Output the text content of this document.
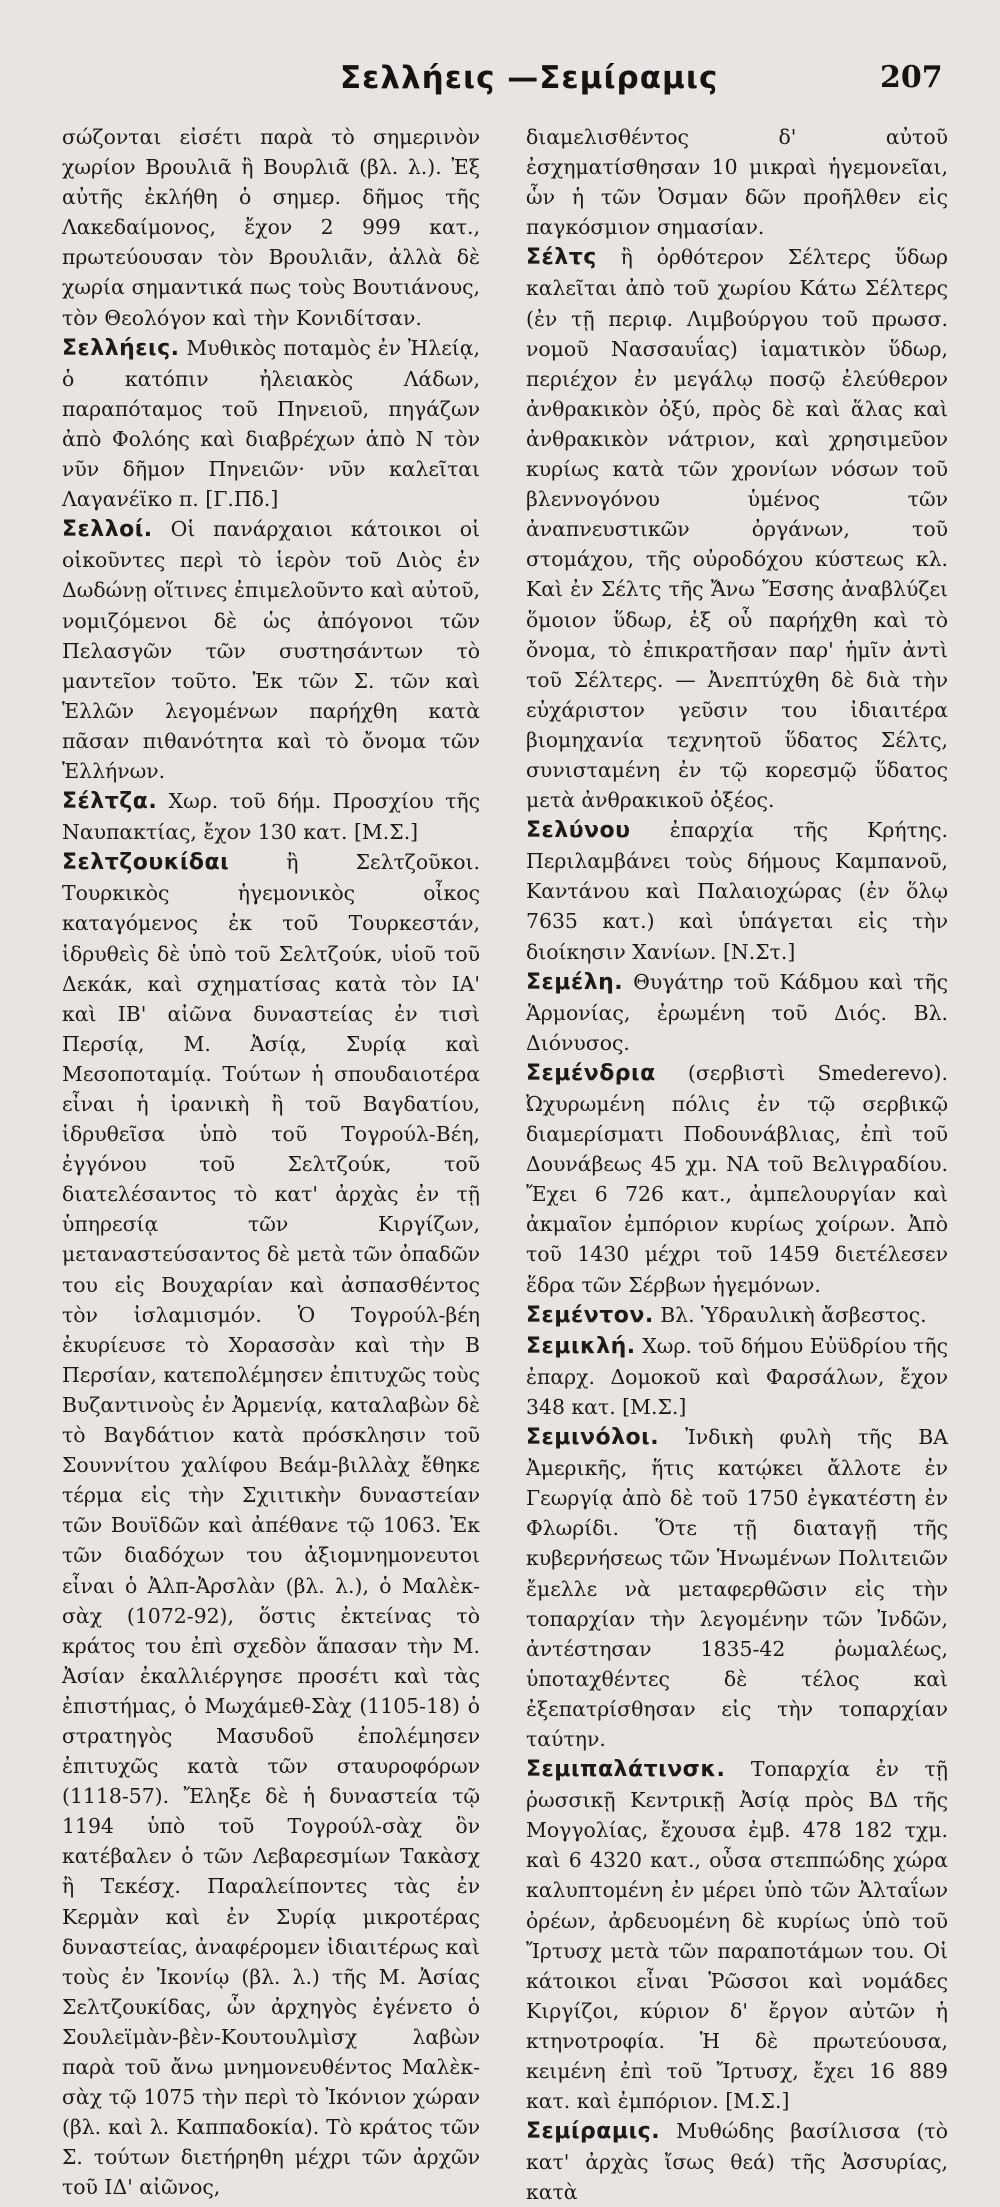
Σελλήεις —Σεμίραμις	207

σώζονται εἰσέτι παρὰ τὸ σημερινὸν χωρίον Βρουλιᾶ ἢ Βουρλιᾶ (βλ. λ.). Ἐξ αὐτῆς ἐκλήθη ὁ σημερ. δῆμος τῆς Λακεδαίμονος, ἔχον 2 999 κατ., πρωτεύουσαν τὸν Βρουλιᾶν, ἀλλὰ δὲ χωρία σημαντικά πως τοὺς Βουτιάνους, τὸν Θεολόγον καὶ τὴν Κονιδίτσαν.

Σελλήεις. Μυθικὸς ποταμὸς ἐν Ἠλείᾳ, ὁ κατόπιν ἠλειακὸς Λάδων, παραπόταμος τοῦ Πηνειοῦ, πηγάζων ἀπὸ Φολόης καὶ διαβρέχων ἀπὸ Ν τὸν νῦν δῆμον Πηνειῶν· νῦν καλεῖται Λαγανέϊκο π. [Γ.Πδ.]

Σελλοί. Οἱ πανάρχαιοι κάτοικοι οἱ οἰκοῦντες περὶ τὸ ἱερὸν τοῦ Διὸς ἐν Δωδώνῃ οἵτινες ἐπιμελοῦντο καὶ αὐτοῦ, νομιζόμενοι δὲ ὡς ἀπόγονοι τῶν Πελασγῶν τῶν συστησάντων τὸ μαντεῖον τοῦτο. Ἐκ τῶν Σ. τῶν καὶ Ἑλλῶν λεγομένων παρήχθη κατὰ πᾶσαν πιθανότητα καὶ τὸ ὄνομα τῶν Ἑλλήνων.

Σέλτζα. Χωρ. τοῦ δήμ. Προσχίου τῆς Ναυπακτίας, ἔχον 130 κατ. [Μ.Σ.]

Σελτζουκίδαι	ἢ Σελτζοῦκοι. Τουρκικὸς ἡγεμονικὸς οἶκος καταγόμενος ἐκ τοῦ Τουρκεστάν, ἱδρυθεὶς δὲ ὑπὸ τοῦ Σελτζούκ, υἱοῦ τοῦ Δεκάκ, καὶ σχηματίσας κατὰ τὸν ΙΑ' καὶ ΙΒ' αἰῶνα δυναστείας ἐν τισὶ Περσίᾳ, Μ. Ἀσίᾳ, Συρίᾳ καὶ Μεσοποταμίᾳ. Τούτων ἡ σπουδαιοτέρα εἶναι ἡ ἰρανικὴ ἢ τοῦ Βαγδατίου, ἱδρυθεῖσα ὑπὸ τοῦ Τογρούλ-Βέη, ἐγγόνου τοῦ Σελτζούκ, τοῦ διατελέσαντος τὸ κατ' ἀρχὰς ἐν τῇ ὑπηρεσίᾳ τῶν Κιργίζων, μεταναστεύσαντος δὲ μετὰ τῶν ὀπαδῶν του εἰς Βουχαρίαν καὶ ἀσπασθέντος τὸν ἰσλαμισμόν. Ὁ Τογρούλ-βέη ἐκυρίευσε τὸ Χορασσὰν καὶ τὴν Β Περσίαν, κατεπολέμησεν ἐπιτυχῶς τοὺς Βυζαντινοὺς ἐν Ἀρμενίᾳ, καταλαβὼν δὲ τὸ Βαγδάτιον κατὰ πρόσκλησιν τοῦ Σουννίτου χαλίφου Βεάμ-βιλλὰχ ἔθηκε τέρμα εἰς τὴν Σχιιτικὴν δυναστείαν τῶν Βουϊδῶν καὶ ἀπέθανε τῷ 1063. Ἐκ τῶν διαδόχων του ἀξιομνημονευτοι εἶναι ὁ Ἀλπ-Ἀρσλὰν (βλ. λ.), ὁ Μαλὲκ-σὰχ (1072-92), ὅστις ἐκτείνας τὸ κράτος του ἐπὶ σχεδὸν ἅπασαν τὴν Μ. Ἀσίαν ἐκαλλιέργησε προσέτι καὶ τὰς ἐπιστήμας, ὁ Μωχάμεθ-Σὰχ (1105-18) ὁ στρατηγὸς Μασυδοῦ ἐπολέμησεν ἐπιτυχῶς κατὰ τῶν σταυροφόρων (1118-57). Ἔληξε δὲ ἡ δυναστεία τῷ 1194 ὑπὸ τοῦ Τογρούλ-σὰχ ὃν κατέβαλεν ὁ τῶν Λεβαρεσμίων Τακὰσχ ἢ Τεκέσχ. Παραλείποντες τὰς ἐν Κερμὰν καὶ ἐν Συρίᾳ μικροτέρας δυναστείας, ἀναφέρομεν ἰδιαιτέρως καὶ τοὺς ἐν Ἰκονίῳ (βλ. λ.) τῆς Μ. Ἀσίας Σελτζουκίδας, ὧν ἀρχηγὸς ἐγένετο ὁ Σουλεϊμὰν-βὲν-Κουτουλμὶσχ λαβὼν παρὰ τοῦ ἄνω μνημονευθέντος Μαλὲκ-σὰχ τῷ 1075 τὴν περὶ τὸ Ἰκόνιον χώραν (βλ. καὶ λ. Καππαδοκία). Τὸ κράτος τῶν Σ. τούτων διετήρηθη μέχρι τῶν ἀρχῶν τοῦ ΙΔ' αἰῶνος,

διαμελισθέντος δ' αὐτοῦ ἐσχηματίσθησαν 10 μικραὶ ἡγεμονεῖαι, ὧν ἡ τῶν Ὀσμαν δῶν προῆλθεν εἰς παγκόσμιον σημασίαν.

Σέλτς ἢ ὀρθότερον Σέλτερς ὕδωρ καλεῖται ἀπὸ τοῦ χωρίου Κάτω Σέλτερς (ἐν τῇ περιφ. Λιμβούργου τοῦ πρωσσ. νομοῦ Νασσαυΐας) ἰαματικὸν ὕδωρ, περιέχον ἐν μεγάλῳ ποσῷ ἐλεύθερον ἀνθρακικὸν ὀξύ, πρὸς δὲ καὶ ἅλας καὶ ἀνθρακικὸν νάτριον, καὶ χρησιμεῦον κυρίως κατὰ τῶν χρονίων νόσων τοῦ βλεννογόνου ὑμένος τῶν ἀναπνευστικῶν ὀργάνων, τοῦ στομάχου, τῆς οὐροδόχου κύστεως κλ. Καὶ ἐν Σέλτς τῆς Ἄνω Ἔσσης ἀναβλύζει ὅμοιον ὕδωρ, ἐξ οὗ παρήχθη καὶ τὸ ὄνομα, τὸ ἐπικρατῆσαν παρ' ἡμῖν ἀντὶ τοῦ Σέλτερς. — Ἀνεπτύχθη δὲ διὰ τὴν εὐχάριστον γεῦσιν του ἰδιαιτέρα βιομηχανία τεχνητοῦ ὕδατος Σέλτς, συνισταμένη ἐν τῷ κορεσμῷ ὕδατος μετὰ ἀνθρακικοῦ ὀξέος.

Σελύνου ἐπαρχία τῆς Κρήτης. Περιλαμβάνει τοὺς δήμους Καμπανοῦ, Καντάνου καὶ Παλαιοχώρας (ἐν ὅλῳ 7635 κατ.) καὶ ὑπάγεται εἰς τὴν διοίκησιν Χανίων. [Ν.Στ.]

Σεμέλη. Θυγάτηρ τοῦ Κάδμου καὶ τῆς Ἁρμονίας, ἐρωμένη τοῦ Διός. Βλ. Διόνυσος.

Σεμένδρια (σερβιστὶ Smederevo). Ὠχυρωμένη πόλις ἐν τῷ σερβικῷ διαμερίσματι Ποδουνάβλιας, ἐπὶ τοῦ Δουνάβεως 45 χμ. ΝΑ τοῦ Βελιγραδίου. Ἔχει 6 726 κατ., ἀμπελουργίαν καὶ ἀκμαῖον ἐμπόριον κυρίως χοίρων. Ἀπὸ τοῦ 1430 μέχρι τοῦ 1459 διετέλεσεν ἕδρα τῶν Σέρβων ἡγεμόνων.

Σεμέντον. Βλ. Ὑδραυλικὴ ἄσβεστος.

Σεμικλή. Χωρ. τοῦ δήμου Εὐϋδρίου τῆς ἐπαρχ. Δομοκοῦ καὶ Φαρσάλων, ἔχον 348 κατ. [Μ.Σ.]

Σεμινόλοι. Ἰνδικὴ φυλὴ τῆς ΒΑ Ἀμερικῆς, ἥτις κατῴκει ἄλλοτε ἐν Γεωργίᾳ ἀπὸ δὲ τοῦ 1750 ἐγκατέστη ἐν Φλωρίδι. Ὅτε τῇ διαταγῇ τῆς κυβερνήσεως τῶν Ἡνωμένων Πολιτειῶν ἔμελλε νὰ μεταφερθῶσιν εἰς τὴν τοπαρχίαν τὴν λεγομένην τῶν Ἰνδῶν, ἀντέστησαν 1835-42 ῥωμαλέως, ὑποταχθέντες δὲ τέλος καὶ ἐξεπατρίσθησαν εἰς τὴν τοπαρχίαν ταύτην.

Σεμιπαλάτινσκ. Τοπαρχία ἐν τῇ ῥωσσικῇ Κεντρικῇ Ἀσίᾳ πρὸς ΒΔ τῆς Μογγολίας, ἔχουσα ἐμβ. 478 182 τχμ. καὶ 6 4320 κατ., οὖσα στεππώδης χώρα καλυπτομένη ἐν μέρει ὑπὸ τῶν Ἀλταΐων ὀρέων, ἀρδευομένη δὲ κυρίως ὑπὸ τοῦ Ἴρτυσχ μετὰ τῶν παραποτάμων του. Οἱ κάτοικοι εἶναι Ῥῶσσοι καὶ νομάδες Κιργίζοι, κύριον δ' ἔργον αὐτῶν ἡ κτηνοτροφία. Ἡ δὲ πρωτεύουσα, κειμένη ἐπὶ τοῦ Ἴρτυσχ, ἔχει 16 889 κατ. καὶ ἐμπόριον. [Μ.Σ.]

Σεμίραμις. Μυθώδης βασίλισσα (τὸ κατ' ἀρχὰς ἴσως θεά) τῆς Ἀσσυρίας, κατὰ
